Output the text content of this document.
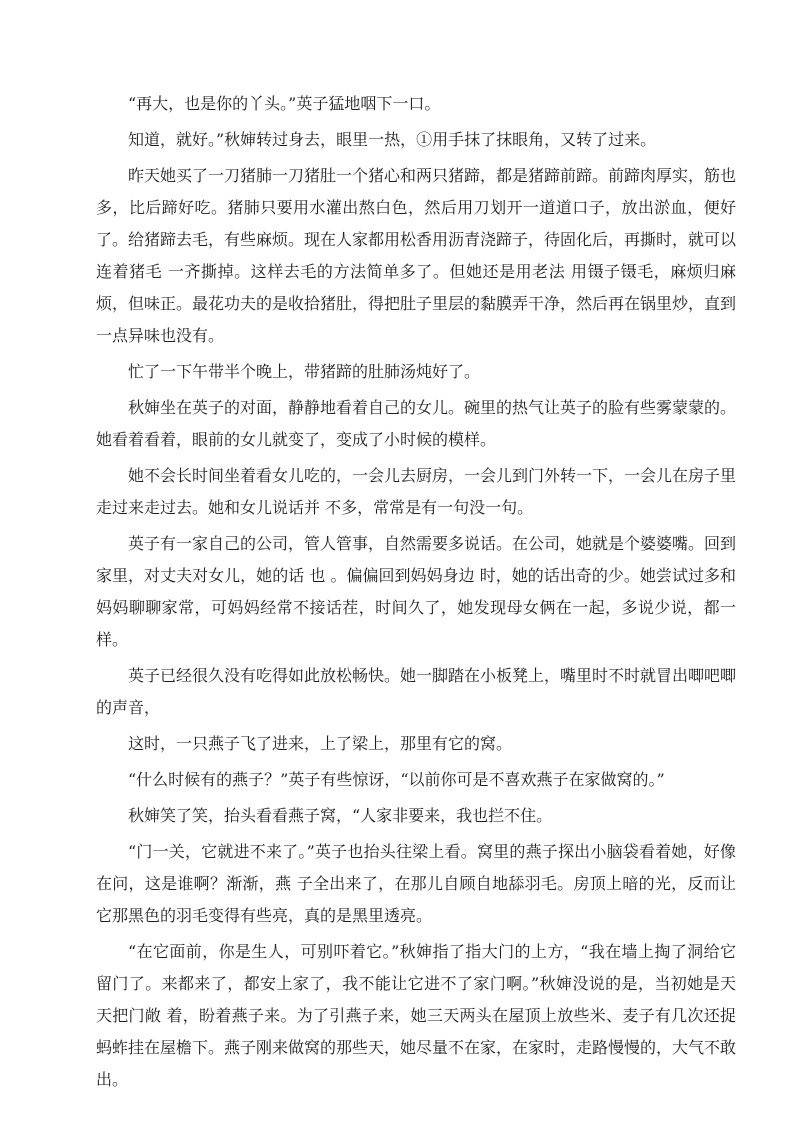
“再大，也是你的丫头。”英子猛地咽下一口。

知道，就好。”秋婶转过身去，眼里一热，①用手抹了抹眼角，又转了过来。

昨天她买了一刀猪肺一刀猪肚一个猪心和两只猪蹄，都是猪蹄前蹄。前蹄肉厚实，筋也多，比后蹄好吃。猪肺只要用水灌出熬白色，然后用刀划开一道道口子，放出淤血，便好了。给猪蹄去毛，有些麻烦。现在人家都用松香用沥青浇蹄子，待固化后，再撕时，就可以连着猪毛 一齐撕掉。这样去毛的方法简单多了。但她还是用老法 用镊子镊毛，麻烦归麻烦，但味正。最花功夫的是收拾猪肚，得把肚子里层的黏膜弄干净，然后再在锅里炒，直到一点异味也没有。

忙了一下午带半个晚上，带猪蹄的肚肺汤炖好了。

秋婶坐在英子的对面，静静地看着自己的女儿。碗里的热气让英子的脸有些雾蒙蒙的。她看着看着，眼前的女儿就变了，变成了小时候的模样。

她不会长时间坐着看女儿吃的，一会儿去厨房，一会儿到门外转一下，一会儿在房子里走过来走过去。她和女儿说话并 不多，常常是有一句没一句。

英子有一家自己的公司，管人管事，自然需要多说话。在公司，她就是个婆婆嘴。回到家里，对丈夫对女儿，她的话 也 。偏偏回到妈妈身边 时，她的话出奇的少。她尝试过多和妈妈聊聊家常，可妈妈经常不接话茬，时间久了，她发现母女俩在一起，多说少说，都一样。

英子已经很久没有吃得如此放松畅快。她一脚踏在小板凳上，嘴里时不时就冒出唧吧唧的声音，

这时，一只燕子飞了进来，上了梁上，那里有它的窝。

“什么时候有的燕子？”英子有些惊讶，“以前你可是不喜欢燕子在家做窝的。”

秋婶笑了笑，抬头看看燕子窝，“人家非要来，我也拦不住。

“门一关，它就进不来了。”英子也抬头往梁上看。窝里的燕子探出小脑袋看着她，好像在问，这是谁啊？渐渐，燕 子全出来了，在那儿自顾自地舔羽毛。房顶上暗的光，反而让它那黑色的羽毛变得有些亮，真的是黑里透亮。

“在它面前，你是生人，可别吓着它。”秋婶指了指大门的上方，“我在墙上掏了洞给它留门了。来都来了，都安上家了，我不能让它进不了家门啊。”秋婶没说的是，当初她是天 天把门敞 着，盼着燕子来。为了引燕子来，她三天两头在屋顶上放些米、麦子有几次还捉蚂蚱挂在屋檐下。燕子刚来做窝的那些天，她尽量不在家，在家时，走路慢慢的，大气不敢出。
